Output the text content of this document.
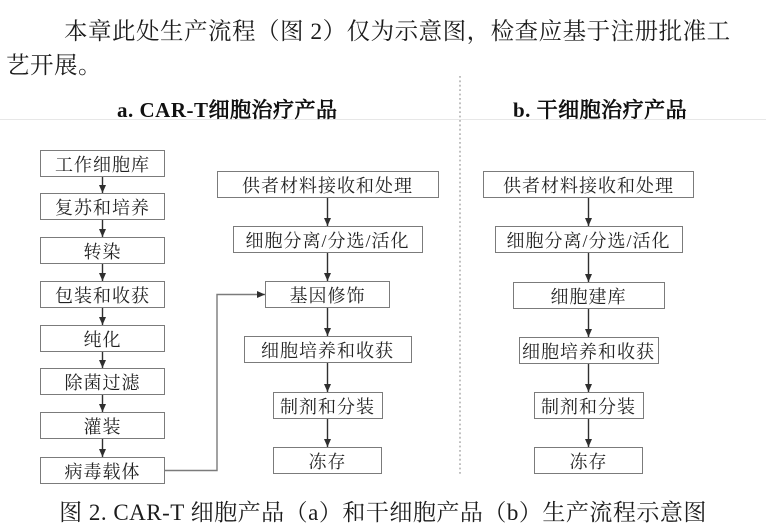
本章此处生产流程（图 2）仅为示意图，检查应基于注册批准工
艺开展。
a. CAR-T细胞治疗产品	b. 干细胞治疗产品
工作细胞库
复苏和培养
转染
包装和收获
纯化
除菌过滤
灌装
病毒载体
供者材料接收和处理
细胞分离/分选/活化
基因修饰
细胞培养和收获
制剂和分装
冻存
供者材料接收和处理
细胞分离/分选/活化
细胞建库
细胞培养和收获
制剂和分装
冻存
图 2. CAR-T 细胞产品（a）和干细胞产品（b）生产流程示意图
